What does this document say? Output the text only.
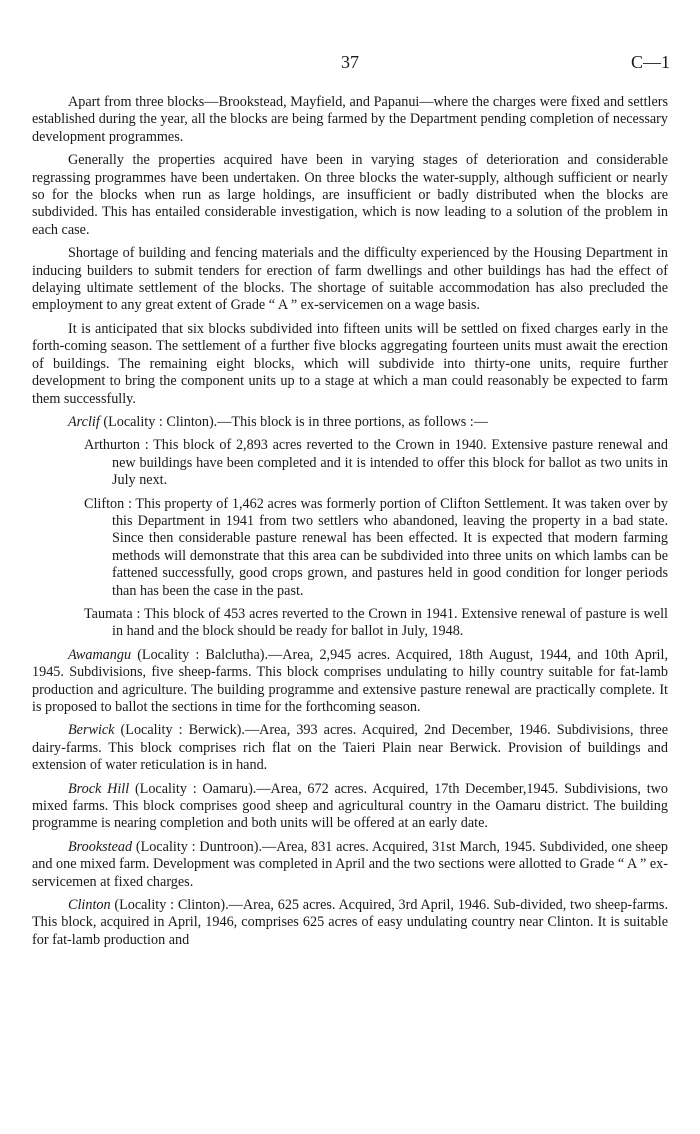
37	C—1

Apart from three blocks—Brookstead, Mayfield, and Papanui—where the charges were fixed and settlers established during the year, all the blocks are being farmed by the Department pending completion of necessary development programmes.

Generally the properties acquired have been in varying stages of deterioration and considerable regrassing programmes have been undertaken. On three blocks the water-supply, although sufficient or nearly so for the blocks when run as large holdings, are insufficient or badly distributed when the blocks are subdivided. This has entailed considerable investigation, which is now leading to a solution of the problem in each case.

Shortage of building and fencing materials and the difficulty experienced by the Housing Department in inducing builders to submit tenders for erection of farm dwellings and other buildings has had the effect of delaying ultimate settlement of the blocks. The shortage of suitable accommodation has also precluded the employment to any great extent of Grade “ A ” ex-servicemen on a wage basis.

It is anticipated that six blocks subdivided into fifteen units will be settled on fixed charges early in the forth-coming season. The settlement of a further five blocks aggregating fourteen units must await the erection of buildings. The remaining eight blocks, which will subdivide into thirty-one units, require further development to bring the component units up to a stage at which a man could reasonably be expected to farm them successfully.

Arclif (Locality : Clinton).—This block is in three portions, as follows :—

Arthurton : This block of 2,893 acres reverted to the Crown in 1940. Extensive pasture renewal and new buildings have been completed and it is intended to offer this block for ballot as two units in July next.
Clifton : This property of 1,462 acres was formerly portion of Clifton Settlement. It was taken over by this Department in 1941 from two settlers who abandoned, leaving the property in a bad state. Since then considerable pasture renewal has been effected. It is expected that modern farming methods will demonstrate that this area can be subdivided into three units on which lambs can be fattened successfully, good crops grown, and pastures held in good condition for longer periods than has been the case in the past.
Taumata : This block of 453 acres reverted to the Crown in 1941. Extensive renewal of pasture is well in hand and the block should be ready for ballot in July, 1948.

Awamangu (Locality : Balclutha).—Area, 2,945 acres. Acquired, 18th August, 1944, and 10th April, 1945. Subdivisions, five sheep-farms. This block comprises undulating to hilly country suitable for fat-lamb production and agriculture. The building programme and extensive pasture renewal are practically complete. It is proposed to ballot the sections in time for the forthcoming season.

Berwick (Locality : Berwick).—Area, 393 acres. Acquired, 2nd December, 1946. Subdivisions, three dairy-farms. This block comprises rich flat on the Taieri Plain near Berwick. Provision of buildings and extension of water reticulation is in hand.

Brock Hill (Locality : Oamaru).—Area, 672 acres. Acquired, 17th December,1945. Subdivisions, two mixed farms. This block comprises good sheep and agricultural country in the Oamaru district. The building programme is nearing completion and both units will be offered at an early date.

Brookstead (Locality : Duntroon).—Area, 831 acres. Acquired, 31st March, 1945. Subdivided, one sheep and one mixed farm. Development was completed in April and the two sections were allotted to Grade “ A ” ex-servicemen at fixed charges.

Clinton (Locality : Clinton).—Area, 625 acres. Acquired, 3rd April, 1946. Sub-divided, two sheep-farms. This block, acquired in April, 1946, comprises 625 acres of easy undulating country near Clinton. It is suitable for fat-lamb production and
